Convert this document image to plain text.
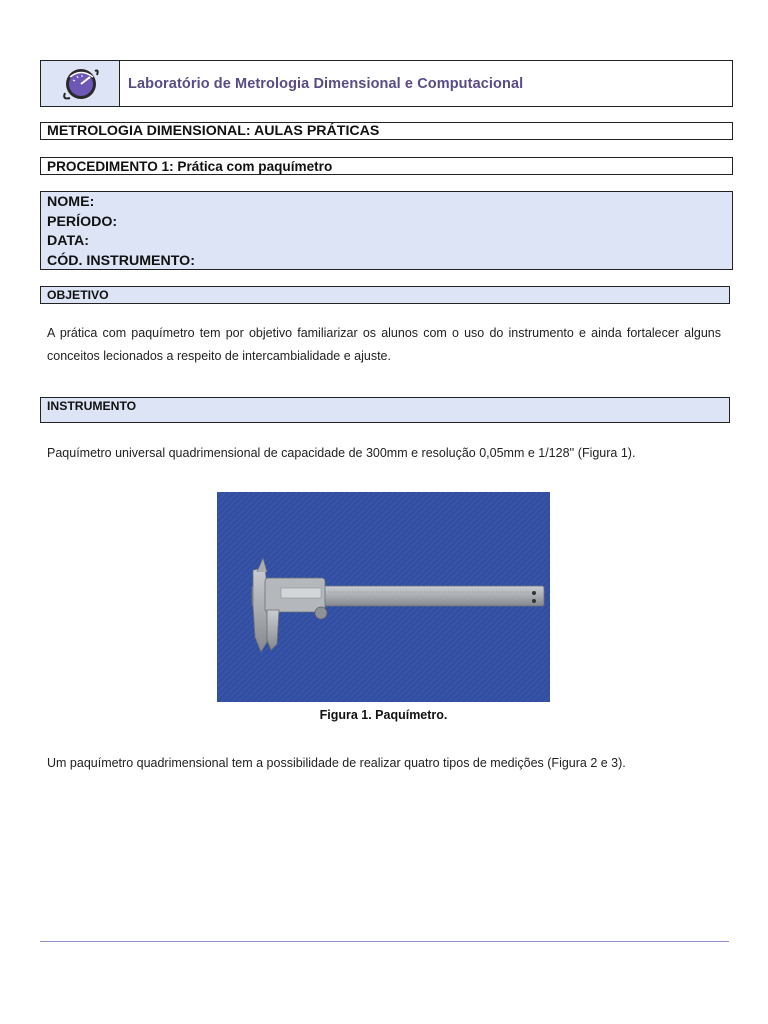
Laboratório de Metrologia Dimensional e Computacional
METROLOGIA DIMENSIONAL: AULAS PRÁTICAS
PROCEDIMENTO 1: Prática com paquímetro
NOME:
PERÍODO:
DATA:
CÓD. INSTRUMENTO:
OBJETIVO

A prática com paquímetro tem por objetivo familiarizar os alunos com o uso do instrumento e ainda fortalecer alguns conceitos lecionados a respeito de intercambialidade e ajuste.

INSTRUMENTO

Paquímetro universal quadrimensional de capacidade de 300mm e resolução 0,05mm e 1/128'' (Figura 1).

Figura 1. Paquímetro.

Um paquímetro quadrimensional tem a possibilidade de realizar quatro tipos de medições (Figura 2 e 3).
